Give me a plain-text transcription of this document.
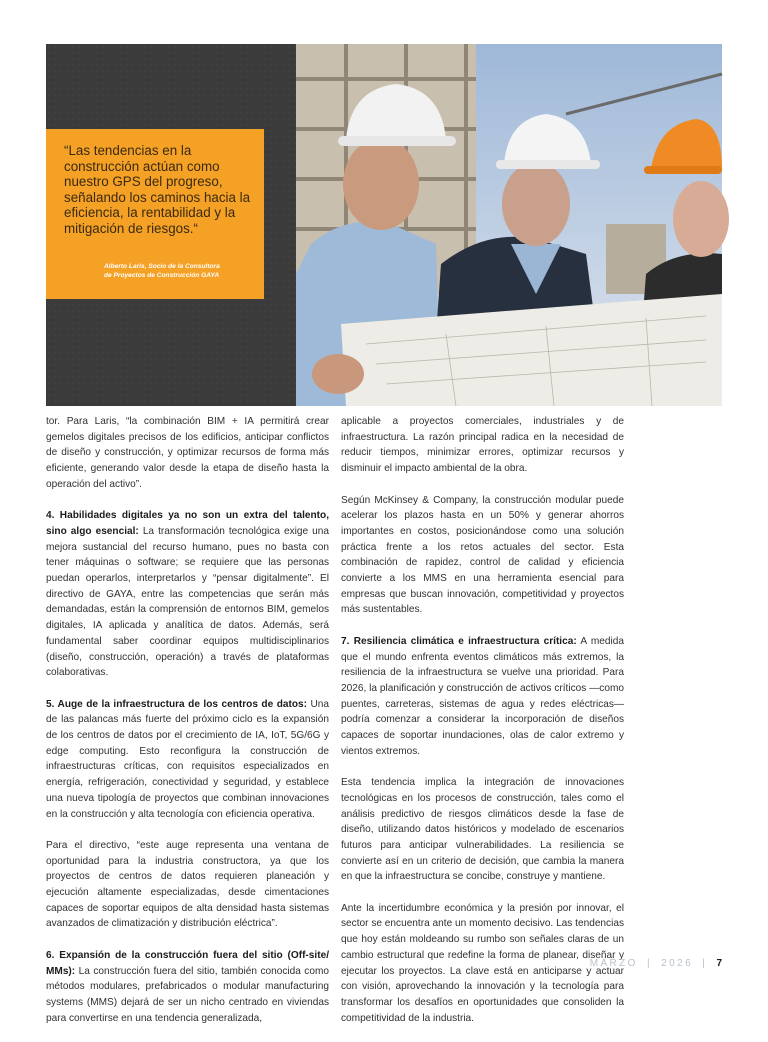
“Las tendencias en la construcción actúan como nuestro GPS del progreso, señalando los caminos hacia la eficiencia, la rentabilidad y la mitigación de riesgos.“

Alberto Laris, Socio de la Consultora
de Proyectos de Construcción GAYA

tor. Para Laris, “la combinación BIM + IA permitirá crear gemelos digitales precisos de los edificios, anticipar conflictos de diseño y construcción, y optimizar recursos de forma más eficiente, generando valor desde la etapa de diseño hasta la operación del activo”.

4. Habilidades digitales ya no son un extra del talento, sino algo esencial: La transformación tecnológica exige una mejora sustancial del recurso humano, pues no basta con tener máquinas o software; se requiere que las personas puedan operarlos, interpretarlos y “pensar digitalmente”. El directivo de GAYA, entre las competencias que serán más demandadas, están la comprensión de entornos BIM, gemelos digitales, IA aplicada y analítica de datos. Además, será fundamental saber coordinar equipos multidisciplinarios (diseño, construcción, operación) a través de plataformas colaborativas.

5. Auge de la infraestructura de los centros de datos: Una de las palancas más fuerte del próximo ciclo es la expansión de los centros de datos por el crecimiento de IA, IoT, 5G/6G y edge computing. Esto reconfigura la construcción de infraestructuras críticas, con requisitos especializados en energía, refrigeración, conectividad y seguridad, y establece una nueva tipología de proyectos que combinan innovaciones en la construcción y alta tecnología con eficiencia operativa.

Para el directivo, “este auge representa una ventana de oportunidad para la industria constructora, ya que los proyectos de centros de datos requieren planeación y ejecución altamente especializadas, desde cimentaciones capaces de soportar equipos de alta densidad hasta sistemas avanzados de climatización y distribución eléctrica”.

6. Expansión de la construcción fuera del sitio (Off-site/ MMs): La construcción fuera del sitio, también conocida como métodos modulares, prefabricados o modular manufacturing systems (MMS) dejará de ser un nicho centrado en viviendas para convertirse en una tendencia generalizada,

aplicable a proyectos comerciales, industriales y de infraestructura. La razón principal radica en la necesidad de reducir tiempos, minimizar errores, optimizar recursos y disminuir el impacto ambiental de la obra.

Según McKinsey & Company, la construcción modular puede acelerar los plazos hasta en un 50% y generar ahorros importantes en costos, posicionándose como una solución práctica frente a los retos actuales del sector. Esta combinación de rapidez, control de calidad y eficiencia convierte a los MMS en una herramienta esencial para empresas que buscan innovación, competitividad y proyectos más sustentables.

7. Resiliencia climática e infraestructura crítica: A medida que el mundo enfrenta eventos climáticos más extremos, la resiliencia de la infraestructura se vuelve una prioridad. Para 2026, la planificación y construcción de activos críticos —como puentes, carreteras, sistemas de agua y redes eléctricas— podría comenzar a considerar la incorporación de diseños capaces de soportar inundaciones, olas de calor extremo y vientos extremos.

Esta tendencia implica la integración de innovaciones tecnológicas en los procesos de construcción, tales como el análisis predictivo de riesgos climáticos desde la fase de diseño, utilizando datos históricos y modelado de escenarios futuros para anticipar vulnerabilidades. La resiliencia se convierte así en un criterio de decisión, que cambia la manera en que la infraestructura se concibe, construye y mantiene.

Ante la incertidumbre económica y la presión por innovar, el sector se encuentra ante un momento decisivo. Las tendencias que hoy están moldeando su rumbo son señales claras de un cambio estructural que redefine la forma de planear, diseñar y ejecutar los proyectos. La clave está en anticiparse y actuar con visión, aprovechando la innovación y la tecnología para transformar los desafíos en oportunidades que consoliden la competitividad de la industria.

MARZO | 2026 | 7
